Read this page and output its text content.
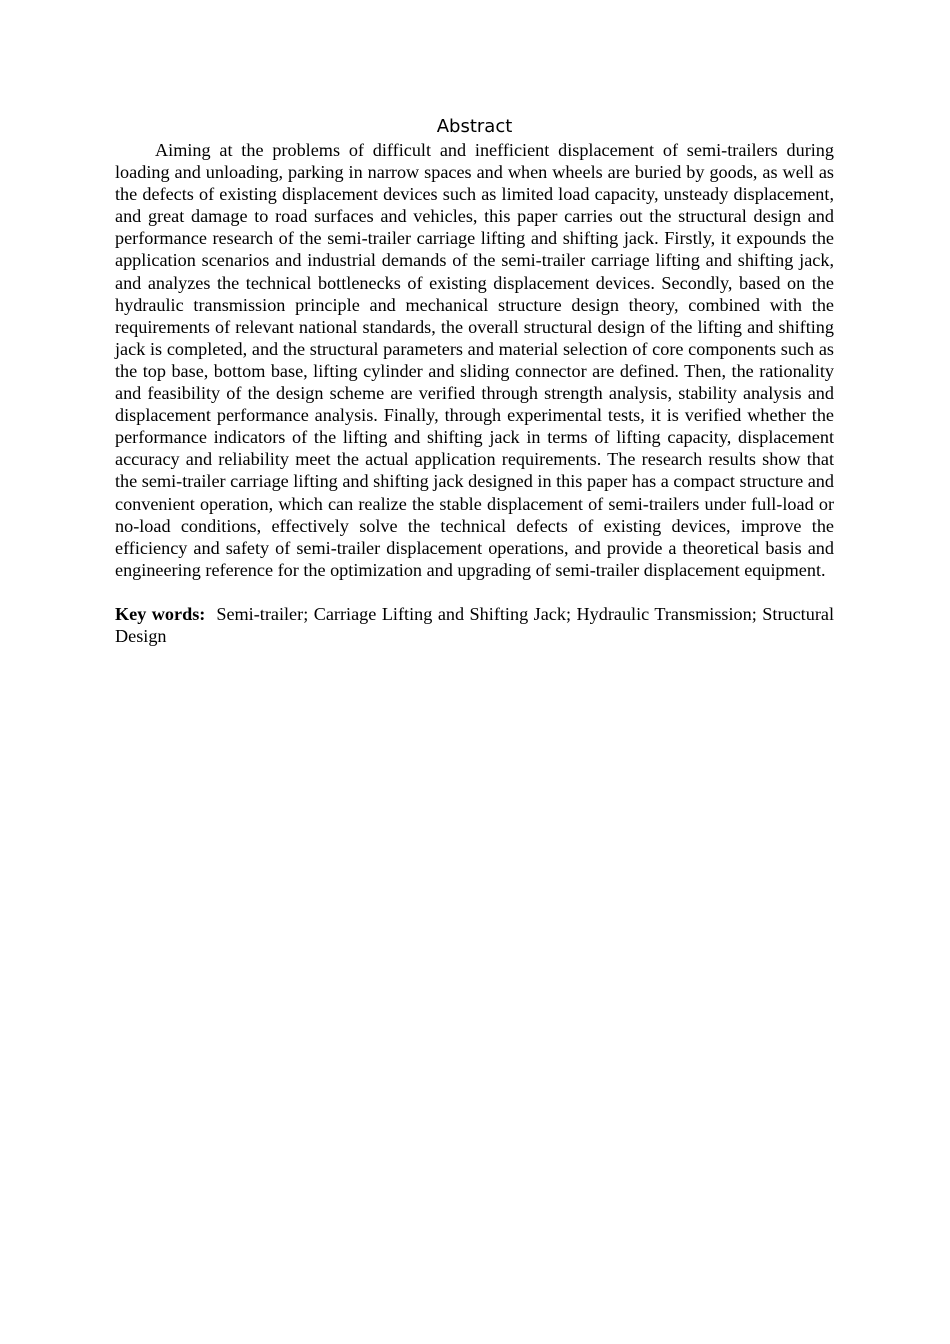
Abstract

Aiming at the problems of difficult and inefficient displacement of semi-trailers during loading and unloading, parking in narrow spaces and when wheels are buried by goods, as well as the defects of existing displacement devices such as limited load capacity, unsteady displacement, and great damage to road surfaces and vehicles, this paper carries out the structural design and performance research of the semi-trailer carriage lifting and shifting jack. Firstly, it expounds the application scenarios and industrial demands of the semi-trailer carriage lifting and shifting jack, and analyzes the technical bottlenecks of existing displacement devices. Secondly, based on the hydraulic transmission principle and mechanical structure design theory, combined with the requirements of relevant national standards, the overall structural design of the lifting and shifting jack is completed, and the structural parameters and material selection of core components such as the top base, bottom base, lifting cylinder and sliding connector are defined. Then, the rationality and feasibility of the design scheme are verified through strength analysis, stability analysis and displacement performance analysis. Finally, through experimental tests, it is verified whether the performance indicators of the lifting and shifting jack in terms of lifting capacity, displacement accuracy and reliability meet the actual application requirements. The research results show that the semi-trailer carriage lifting and shifting jack designed in this paper has a compact structure and convenient operation, which can realize the stable displacement of semi-trailers under full-load or no-load conditions, effectively solve the technical defects of existing devices, improve the efficiency and safety of semi-trailer displacement operations, and provide a theoretical basis and engineering reference for the optimization and upgrading of semi-trailer displacement equipment.

Key words: Semi-trailer; Carriage Lifting and Shifting Jack; Hydraulic Transmission; Structural Design
